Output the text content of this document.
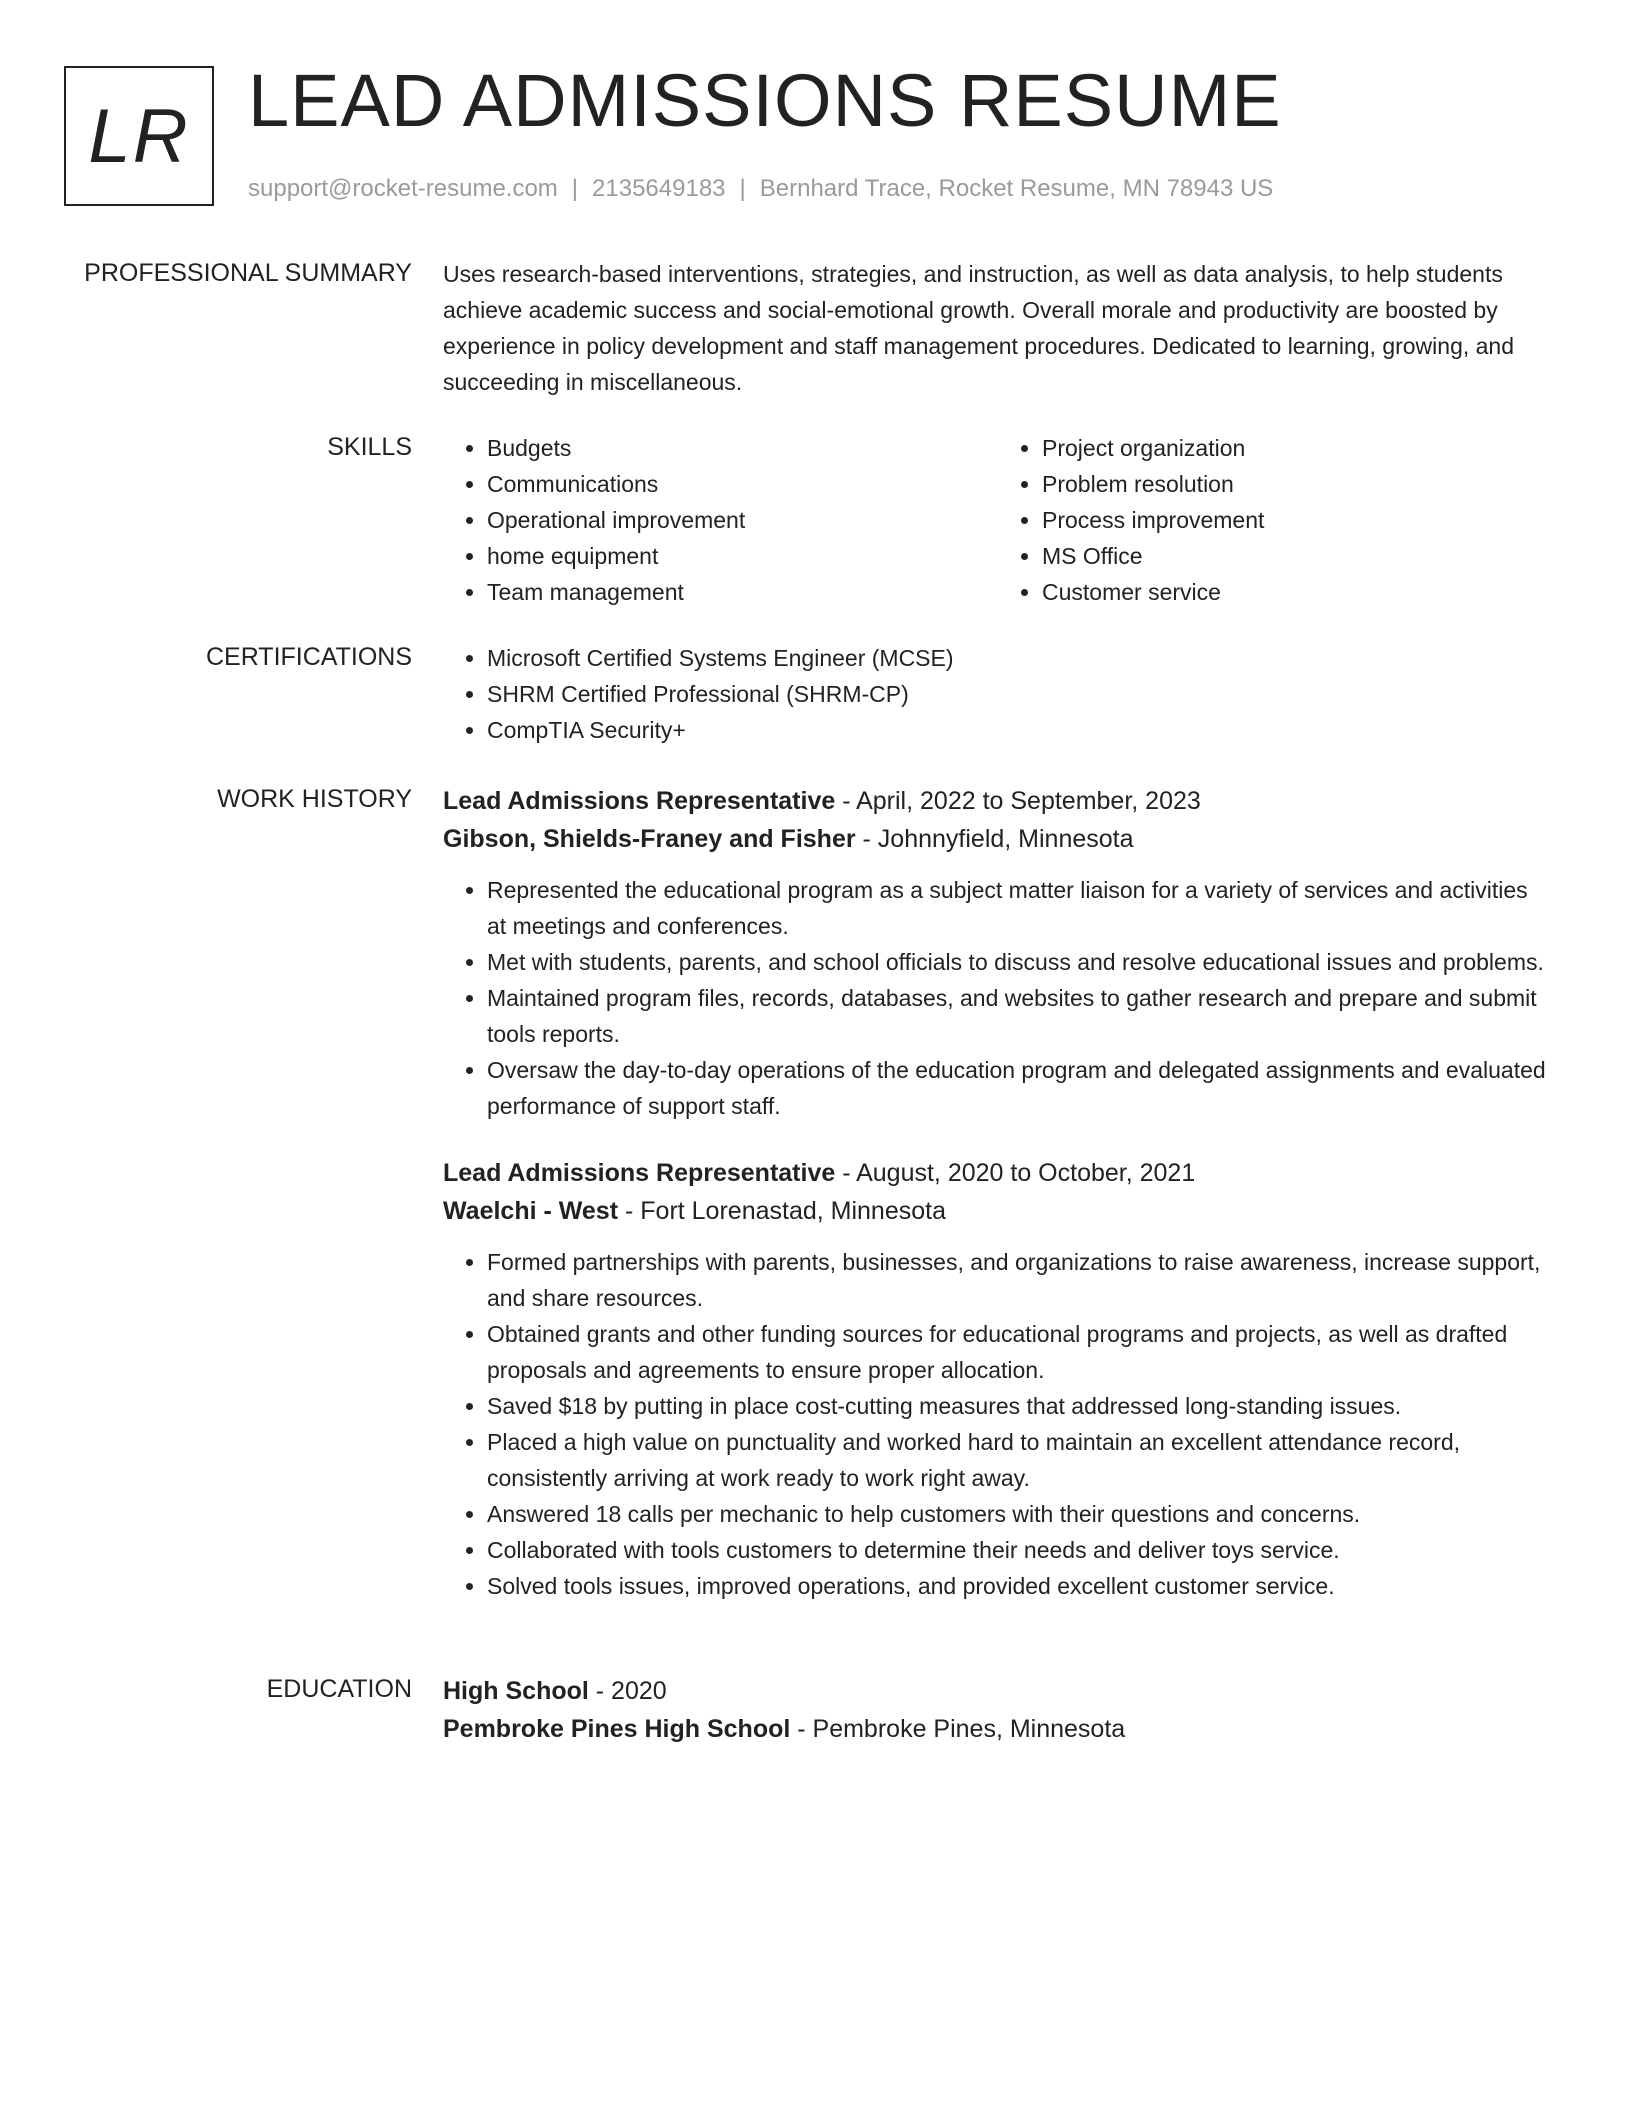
LR LEAD ADMISSIONS RESUME
support@rocket-resume.com | 2135649183 | Bernhard Trace, Rocket Resume, MN 78943 US
PROFESSIONAL SUMMARY Uses research-based interventions, strategies, and instruction, as well as data analysis, to help students achieve academic success and social-emotional growth. Overall morale and productivity are boosted by experience in policy development and staff management procedures. Dedicated to learning, growing, and succeeding in miscellaneous.

SKILLS	• Budgets
• Communications
• Operational improvement
• home equipment
• Team management
• Project organization
• Problem resolution
• Process improvement
• MS Office
• Customer service
CERTIFICATIONS	• Microsoft Certified Systems Engineer (MCSE)
• SHRM Certified Professional (SHRM-CP)
• CompTIA Security+
WORK HISTORY Lead Admissions Representative - April, 2022 to September, 2023
Gibson, Shields-Franey and Fisher - Johnnyfield, Minnesota
• Represented the educational program as a subject matter liaison for a variety of services and activities at meetings and conferences.
• Met with students, parents, and school officials to discuss and resolve educational issues and problems.
• Maintained program files, records, databases, and websites to gather research and prepare and submit tools reports.
• Oversaw the day-to-day operations of the education program and delegated assignments and evaluated performance of support staff.
Lead Admissions Representative - August, 2020 to October, 2021
Waelchi - West - Fort Lorenastad, Minnesota
• Formed partnerships with parents, businesses, and organizations to raise awareness, increase support, and share resources.
• Obtained grants and other funding sources for educational programs and projects, as well as drafted proposals and agreements to ensure proper allocation.
• Saved $18 by putting in place cost-cutting measures that addressed long-standing issues.
• Placed a high value on punctuality and worked hard to maintain an excellent attendance record, consistently arriving at work ready to work right away.
• Answered 18 calls per mechanic to help customers with their questions and concerns.
• Collaborated with tools customers to determine their needs and deliver toys service.
• Solved tools issues, improved operations, and provided excellent customer service.
EDUCATION High School - 2020
Pembroke Pines High School - Pembroke Pines, Minnesota
